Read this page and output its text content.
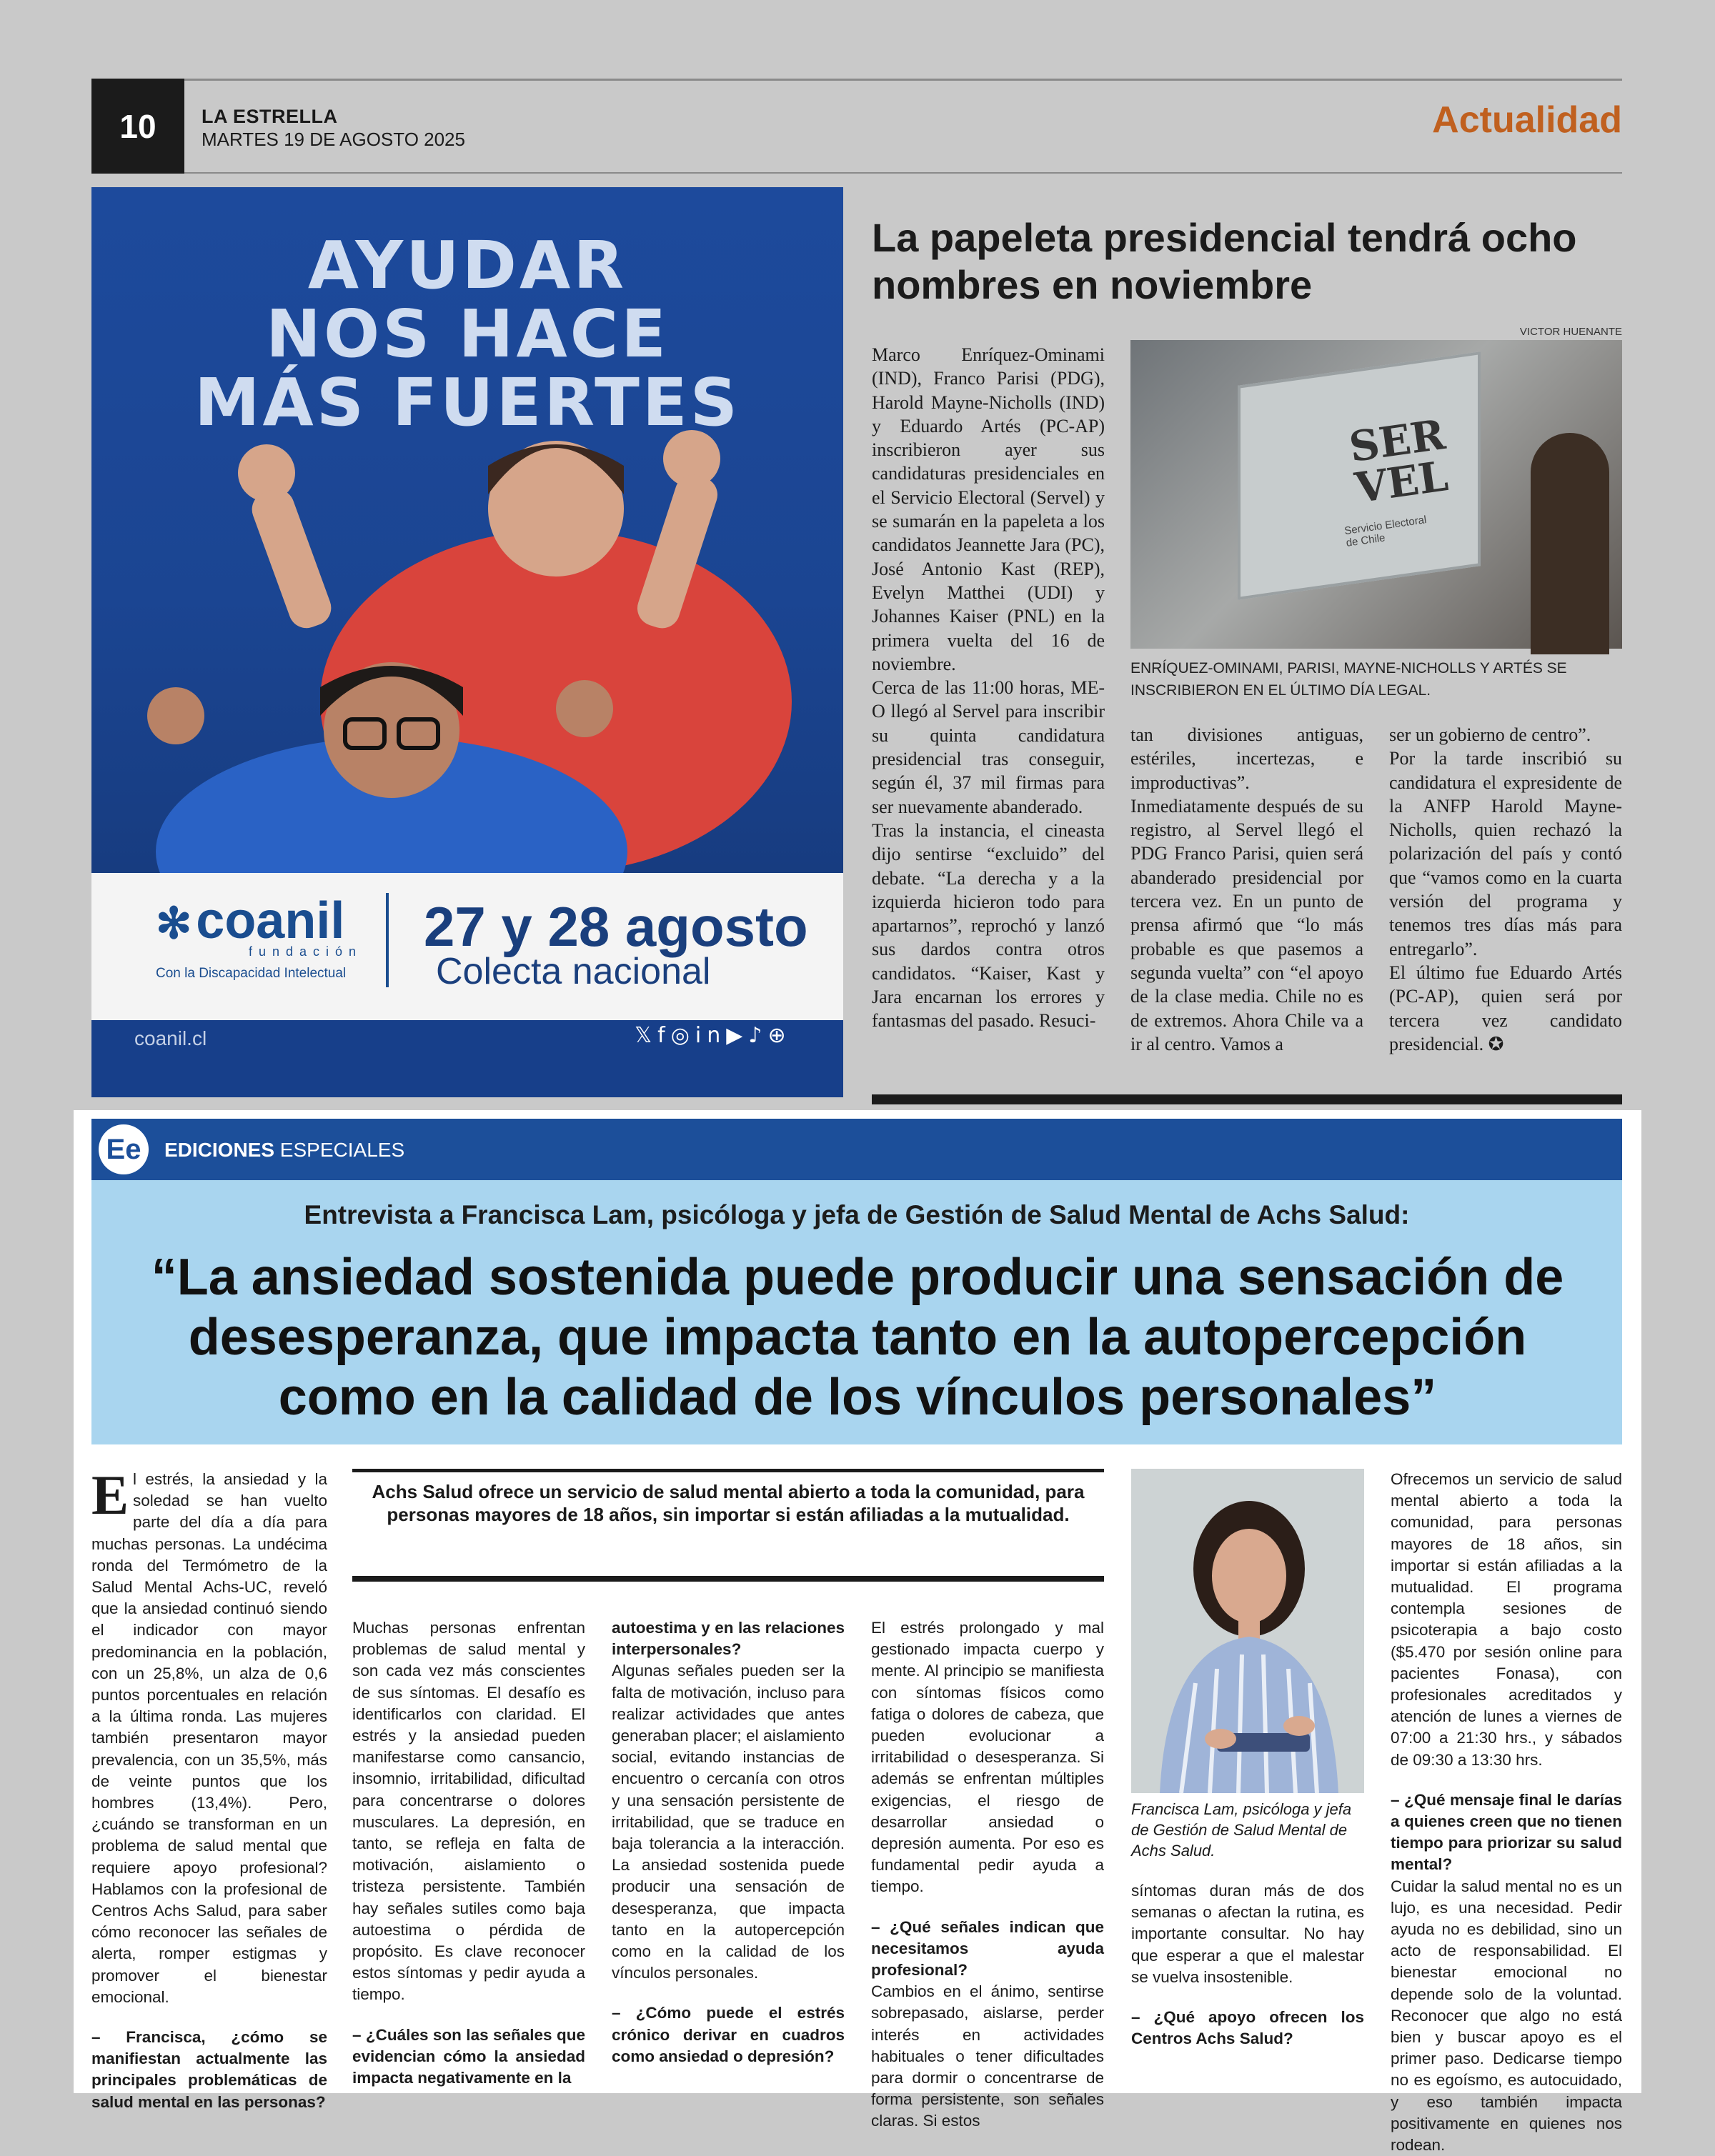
10	LA ESTRELLA
MARTES 19 DE AGOSTO 2025	Actualidad
AYUDAR
NOS HACE
MÁS FUERTES
✻coanil
fundación
Con la Discapacidad Intelectual
27 y 28 agosto
Colecta nacional
coanil.cl	𝕏f◎in▶♪⊕
La papeleta presidencial tendrá ocho nombres en noviembre
VICTOR HUENANTE
SER VEL
Servicio Electoral de Chile
ENRÍQUEZ-OMINAMI, PARISI, MAYNE-NICHOLLS Y ARTÉS SE INSCRIBIERON EN EL ÚLTIMO DÍA LEGAL.
Marco Enríquez-Ominami (IND), Franco Parisi (PDG), Harold Mayne-Nicholls (IND) y Eduardo Artés (PC-AP) inscribieron ayer sus candidaturas presidenciales en el Servicio Electoral (Servel) y se sumarán en la papeleta a los candidatos Jeannette Jara (PC), José Antonio Kast (REP), Evelyn Matthei (UDI) y Johannes Kaiser (PNL) en la primera vuelta del 16 de noviembre.
Cerca de las 11:00 horas, ME-O llegó al Servel para inscribir su quinta candidatura presidencial tras conseguir, según él, 37 mil firmas para ser nuevamente abanderado.
Tras la instancia, el cineasta dijo sentirse “excluido” del debate. “La derecha y a la izquierda hicieron todo para apartarnos”, reprochó y lanzó sus dardos contra otros candidatos. “Kaiser, Kast y Jara encarnan los errores y fantasmas del pasado. Resuci-
tan divisiones antiguas, estériles, incertezas, e improductivas”.
Inmediatamente después de su registro, al Servel llegó el PDG Franco Parisi, quien será abanderado presidencial por tercera vez. En un punto de prensa afirmó que “lo más probable es que pasemos a segunda vuelta” con “el apoyo de la clase media. Chile no es de extremos. Ahora Chile va a ir al centro. Vamos a
ser un gobierno de centro”.
Por la tarde inscribió su candidatura el expresidente de la ANFP Harold Mayne-Nicholls, quien rechazó la polarización del país y contó que “vamos como en la cuarta versión del programa y tenemos tres días más para entregarlo”.
El último fue Eduardo Artés (PC-AP), quien será por tercera vez candidato presidencial. ✪
Ee	EDICIONES ESPECIALES
Entrevista a Francisca Lam, psicóloga y jefa de Gestión de Salud Mental de Achs Salud:
“La ansiedad sostenida puede producir una sensación de desesperanza, que impacta tanto en la autopercepción como en la calidad de los vínculos personales”

El estrés, la ansiedad y la soledad se han vuelto parte del día a día para muchas personas. La undécima ronda del Termómetro de la Salud Mental Achs-UC, reveló que la ansiedad continuó siendo el indicador con mayor predominancia en la población, con un 25,8%, un alza de 0,6 puntos porcentuales en relación a la última ronda. Las mujeres también presentaron mayor prevalencia, con un 35,5%, más de veinte puntos que los hombres (13,4%). Pero, ¿cuándo se transforman en un problema de salud mental que requiere apoyo profesional? Hablamos con la profesional de Centros Achs Salud, para saber cómo reconocer las señales de alerta, romper estigmas y promover el bienestar emocional.

– Francisca, ¿cómo se manifiestan actualmente las principales problemáticas de salud mental en las personas?

Achs Salud ofrece un servicio de salud mental abierto a toda la comunidad, para personas mayores de 18 años, sin importar si están afiliadas a la mutualidad.

Muchas personas enfrentan problemas de salud mental y son cada vez más conscientes de sus síntomas. El desafío es identificarlos con claridad. El estrés y la ansiedad pueden manifestarse como cansancio, insomnio, irritabilidad, dificultad para concentrarse o dolores musculares. La depresión, en tanto, se refleja en falta de motivación, aislamiento o tristeza persistente. También hay señales sutiles como baja autoestima o pérdida de propósito. Es clave reconocer estos síntomas y pedir ayuda a tiempo.

– ¿Cuáles son las señales que evidencian cómo la ansiedad impacta negativamente en la

autoestima y en las relaciones interpersonales?

Algunas señales pueden ser la falta de motivación, incluso para realizar actividades que antes generaban placer; el aislamiento social, evitando instancias de encuentro o cercanía con otros y una sensación persistente de irritabilidad, que se traduce en baja tolerancia a la interacción. La ansiedad sostenida puede producir una sensación de desesperanza, que impacta tanto en la autopercepción como en la calidad de los vínculos personales.

– ¿Cómo puede el estrés crónico derivar en cuadros como ansiedad o depresión?

El estrés prolongado y mal gestionado impacta cuerpo y mente. Al principio se manifiesta con síntomas físicos como fatiga o dolores de cabeza, que pueden evolucionar a irritabilidad o desesperanza. Si además se enfrentan múltiples exigencias, el riesgo de desarrollar ansiedad o depresión aumenta. Por eso es fundamental pedir ayuda a tiempo.

– ¿Qué señales indican que necesitamos ayuda profesional?

Cambios en el ánimo, sentirse sobrepasado, aislarse, perder interés en actividades habituales o tener dificultades para dormir o concentrarse de forma persistente, son señales claras. Si estos

Francisca Lam, psicóloga y jefa de Gestión de Salud Mental de Achs Salud.

síntomas duran más de dos semanas o afectan la rutina, es importante consultar. No hay que esperar a que el malestar se vuelva insostenible.

– ¿Qué apoyo ofrecen los Centros Achs Salud?

Ofrecemos un servicio de salud mental abierto a toda la comunidad, para personas mayores de 18 años, sin importar si están afiliadas a la mutualidad. El programa contempla sesiones de psicoterapia a bajo costo ($5.470 por sesión online para pacientes Fonasa), con profesionales acreditados y atención de lunes a viernes de 07:00 a 21:30 hrs., y sábados de 09:30 a 13:30 hrs.

– ¿Qué mensaje final le darías a quienes creen que no tienen tiempo para priorizar su salud mental?

Cuidar la salud mental no es un lujo, es una necesidad. Pedir ayuda no es debilidad, sino un acto de responsabilidad. El bienestar emocional no depende solo de la voluntad. Reconocer que algo no está bien y buscar apoyo es el primer paso. Dedicarse tiempo no es egoísmo, es autocuidado, y eso también impacta positivamente en quienes nos rodean.
